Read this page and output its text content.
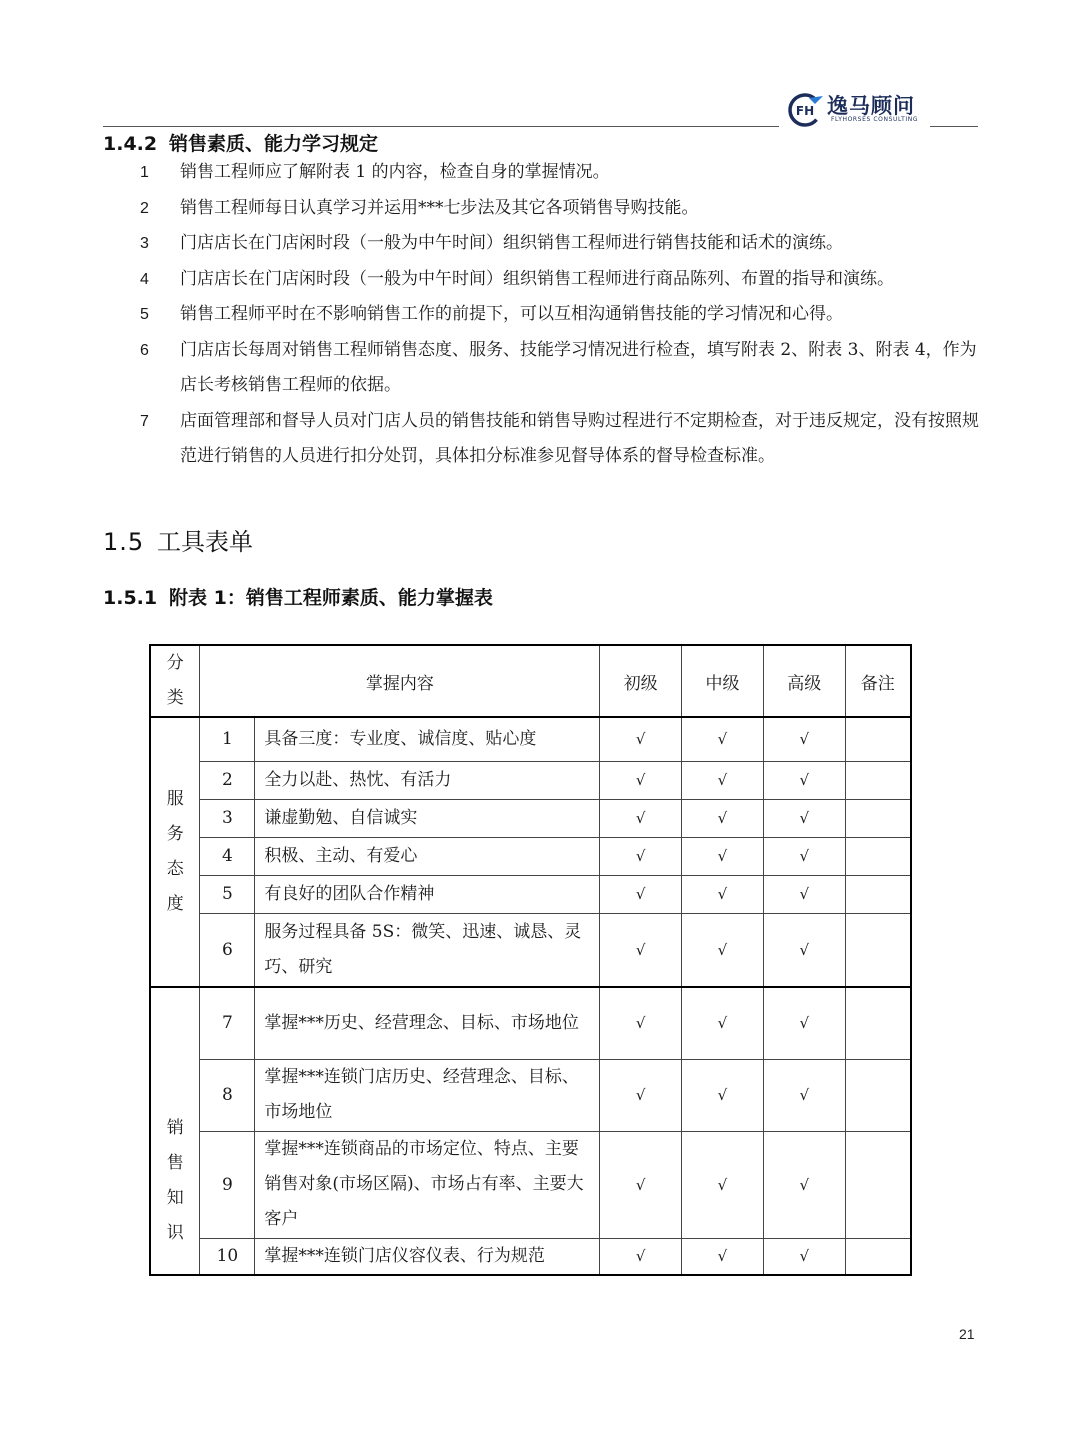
FH 逸马顾问
FLYHORSES CONSULTING
1.4.2 销售素质、能力学习规定
1 销售工程师应了解附表 1 的内容，检查自身的掌握情况。
2 销售工程师每日认真学习并运用***七步法及其它各项销售导购技能。
3 门店店长在门店闲时段（一般为中午时间）组织销售工程师进行销售技能和话术的演练。
4 门店店长在门店闲时段（一般为中午时间）组织销售工程师进行商品陈列、布置的指导和演练。
5 销售工程师平时在不影响销售工作的前提下，可以互相沟通销售技能的学习情况和心得。
6 门店店长每周对销售工程师销售态度、服务、技能学习情况进行检查，填写附表 2、附表 3、附表 4，作为店长考核销售工程师的依据。
7 店面管理部和督导人员对门店人员的销售技能和销售导购过程进行不定期检查，对于违反规定，没有按照规范进行销售的人员进行扣分处罚，具体扣分标准参见督导体系的督导检查标准。
1.5 工具表单
1.5.1 附表 1：销售工程师素质、能力掌握表
分
类	掌握内容		初级	中级	高级	备注
服
务
态
度	1	具备三度：专业度、诚信度、贴心度	√	√	√	
	2	全力以赴、热忱、有活力	√	√	√	
	3	谦虚勤勉、自信诚实	√	√	√	
	4	积极、主动、有爱心	√	√	√	
	5	有良好的团队合作精神	√	√	√	
	6	服务过程具备 5S：微笑、迅速、诚恳、灵巧、研究	√	√	√	
销
售
知
识	7	掌握***历史、经营理念、目标、市场地位	√	√	√	
	8	掌握***连锁门店历史、经营理念、目标、市场地位	√	√	√	
	9	掌握***连锁商品的市场定位、特点、主要销售对象(市场区隔)、市场占有率、主要大客户	√	√	√	
	10	掌握***连锁门店仪容仪表、行为规范	√	√	√	
21
